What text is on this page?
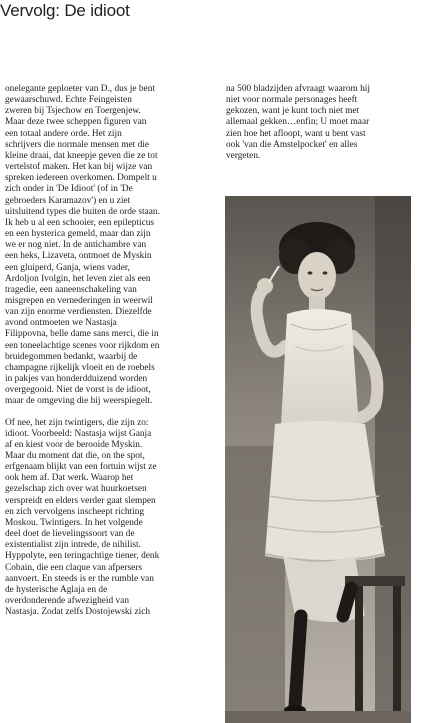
Vervolg: De idioot

onelegante geploeter van D., dus je bent

gewaarschuwd. Echte Feingeisten

zweren bij Tsjechow en Toergenjew.

Maar deze twee scheppen figuren van

een totaal andere orde. Het zijn

schrijvers die normale mensen met die

kleine draai, dat kneepje geven die ze tot

vertelstof maken. Het kan bij wijze van

spreken iedereen overkomen. Dompelt u

zich onder in 'De Idioot' (of in 'De

gebroeders Karamazov') en u ziet

uitsluitend types die buiten de orde staan.

Ik heb u al een schooier, een epilepticus

en een hysterica gemeld, maar dan zijn

we er nog niet. In de antichambre van

een heks, Lizaveta, ontmoet de Myskin

een gluiperd, Ganja, wiens vader,

Ardoljon Ivolgin, het leven ziet als een

tragedie, een aaneenschakeling van

misgrepen en vernederingen in weerwil

van zijn enorme verdiensten. Diezelfde

avond ontmoeten we Nastasja

Filippovna, belle dame sans merci, die in

een toneelachtige scenes voor rijkdom en

bruidegommen bedankt, waarbij de

champagne rijkelijk vloeit en de roebels

in pakjes van honderdduizend worden

overgegooid. Niet de vorst is de idioot,

maar de omgeving die hij weerspiegelt.

Of nee, het zijn twintigers, die zijn zo:

idioot. Voorbeeld: Nastasja wijst Ganja

af en kiest voor de berooide Myskin.

Maar du moment dat die, on the spot,

erfgenaam blijkt van een fortuin wijst ze

ook hem af. Dat werk. Waarop het

gezelschap zich over wat huurkoetsen

verspreidt en elders verder gaat slempen

en zich vervolgens inscheept richting

Moskou. Twintigers. In het volgende

deel doet de lievelingssoort van de

existentialist zijn intrede, de nihilist.

Hyppolyte, een teringachtige tiener, denk

Cobain, die een claque van afpersers

aanvoert. En steeds is er the rumble van

de hysterische Aglaja en de

overdonderende afwezigheid van

Nastasja. Zodat zelfs Dostojewski zich

na 500 bladzijden afvraagt waarom hij

niet voor normale personages heeft

gekozen, want je kunt toch niet met

allemaal gekken…enfin; U moet maar

zien hoe het afloopt, want u bent vast

ook 'van die Amstelpocket' en alles

vergeten.
